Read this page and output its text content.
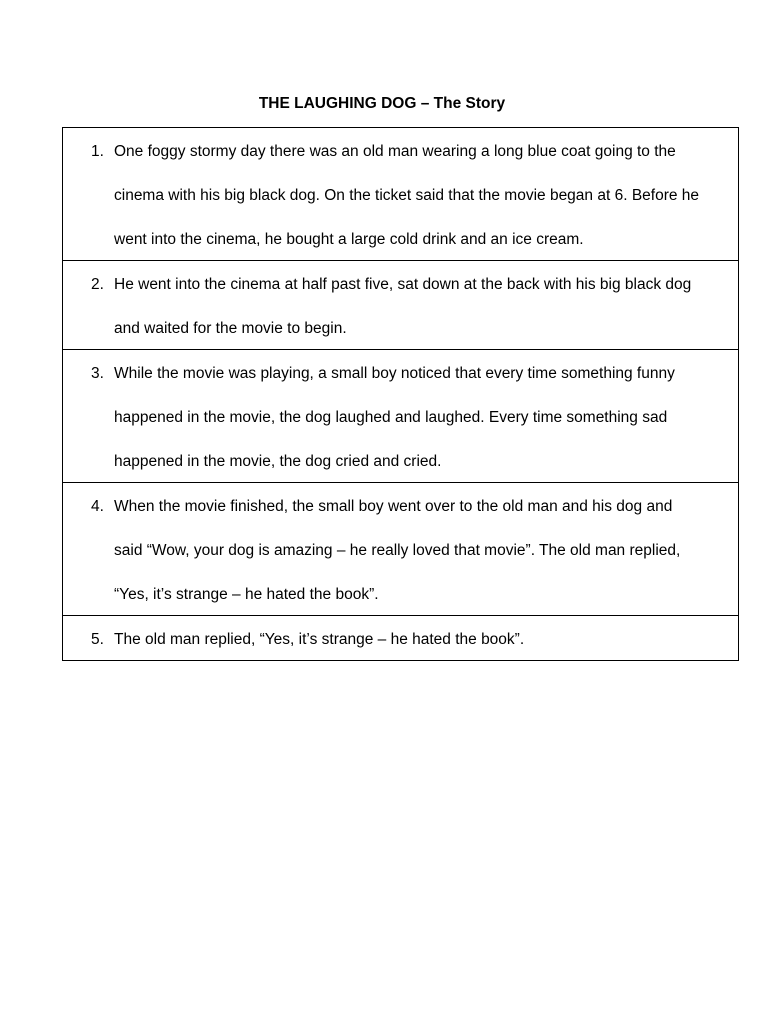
THE LAUGHING DOG – The Story
1. One foggy stormy day there was an old man wearing a long blue coat going to the
cinema with his big black dog. On the ticket said that the movie began at 6. Before he
went into the cinema, he bought a large cold drink and an ice cream.
2. He went into the cinema at half past five, sat down at the back with his big black dog
and waited for the movie to begin.
3. While the movie was playing, a small boy noticed that every time something funny
happened in the movie, the dog laughed and laughed. Every time something sad
happened in the movie, the dog cried and cried.
4. When the movie finished, the small boy went over to the old man and his dog and
said “Wow, your dog is amazing – he really loved that movie”. The old man replied,
“Yes, it’s strange – he hated the book”.
5. The old man replied, “Yes, it’s strange – he hated the book”.
